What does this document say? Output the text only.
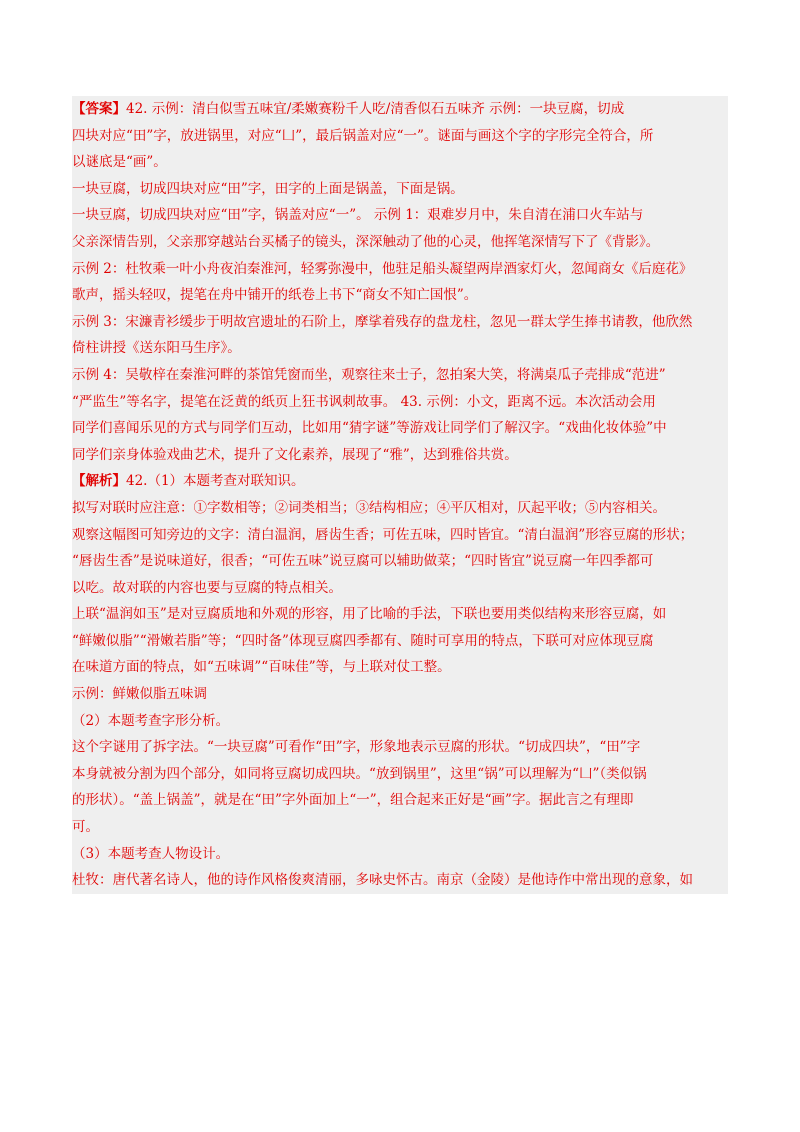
【答案】42. 示例：清白似雪五味宜/柔嫩赛粉千人吃/清香似石五味齐 示例：一块豆腐，切成
四块对应“田”字，放进锅里，对应“凵”，最后锅盖对应“一”。谜面与画这个字的字形完全符合，所
以谜底是“画”。
一块豆腐，切成四块对应“田”字，田字的上面是锅盖，下面是锅。
一块豆腐，切成四块对应“田”字，锅盖对应“一”。 示例 1：艰难岁月中，朱自清在浦口火车站与
父亲深情告别，父亲那穿越站台买橘子的镜头，深深触动了他的心灵，他挥笔深情写下了《背影》。
示例 2：杜牧乘一叶小舟夜泊秦淮河，轻雾弥漫中，他驻足船头凝望两岸酒家灯火，忽闻商女《后庭花》
歌声，摇头轻叹，提笔在舟中铺开的纸卷上书下“商女不知亡国恨”。
示例 3：宋濂青衫缓步于明故宫遗址的石阶上，摩挲着残存的盘龙柱，忽见一群太学生捧书请教，他欣然
倚柱讲授《送东阳马生序》。
示例 4：吴敬梓在秦淮河畔的茶馆凭窗而坐，观察往来士子，忽拍案大笑，将满桌瓜子壳排成“范进”
“严监生”等名字，提笔在泛黄的纸页上狂书讽刺故事。 43. 示例：小文，距离不远。本次活动会用
同学们喜闻乐见的方式与同学们互动，比如用“猜字谜”等游戏让同学们了解汉字。“戏曲化妆体验”中
同学们亲身体验戏曲艺术，提升了文化素养，展现了“雅”，达到雅俗共赏。
【解析】42.（1）本题考查对联知识。
拟写对联时应注意：①字数相等；②词类相当；③结构相应；④平仄相对，仄起平收；⑤内容相关。
观察这幅图可知旁边的文字：清白温润，唇齿生香；可佐五味，四时皆宜。“清白温润”形容豆腐的形状；
“唇齿生香”是说味道好，很香；“可佐五味”说豆腐可以辅助做菜；“四时皆宜”说豆腐一年四季都可
以吃。故对联的内容也要与豆腐的特点相关。
上联“温润如玉”是对豆腐质地和外观的形容，用了比喻的手法，下联也要用类似结构来形容豆腐，如
“鲜嫩似脂”“滑嫩若脂”等；“四时备”体现豆腐四季都有、随时可享用的特点，下联可对应体现豆腐
在味道方面的特点，如“五味调”“百味佳”等，与上联对仗工整。
示例：鲜嫩似脂五味调
（2）本题考查字形分析。
这个字谜用了拆字法。“一块豆腐”可看作“田”字，形象地表示豆腐的形状。“切成四块”，“田”字
本身就被分割为四个部分，如同将豆腐切成四块。“放到锅里”，这里“锅”可以理解为“凵”（类似锅
的形状）。“盖上锅盖”，就是在“田”字外面加上“一”，组合起来正好是“画”字。据此言之有理即
可。
（3）本题考查人物设计。
杜牧：唐代著名诗人，他的诗作风格俊爽清丽，多咏史怀古。南京（金陵）是他诗作中常出现的意象，如
